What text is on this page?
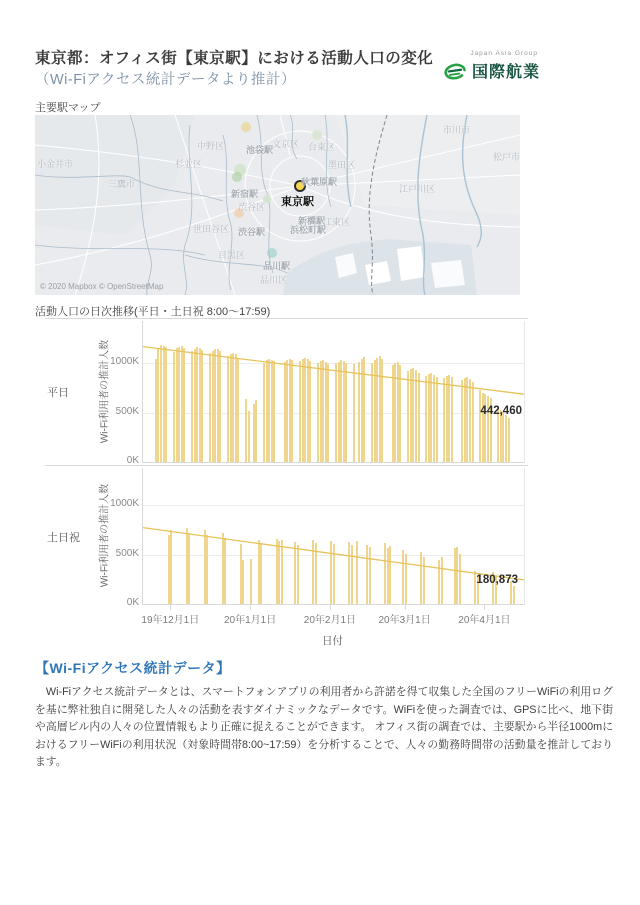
東京都：オフィス街【東京駅】における活動人口の変化
（Wi-Fiアクセス統計データより推計）
Japan Asia Group
国際航業
主要駅マップ
東京駅
© 2020 Mapbox © OpenStreetMap
小金井市
三鷹市
杉並区
中野区	文京区 台東区
墨田区
市川市
松戸市
江戸川区
江東区
渋谷区
世田谷区
目黒区
品川区
池袋駅
秋葉原駅
新宿駅
新橋駅
浜松町駅
渋谷駅
品川駅
活動人口の日次推移(平日・土日祝 8:00～17:59)
平日
土日祝
Wi-Fi利用者の推計人数
Wi-Fi利用者の推計人数
1000K
500K
0K
442,460
1000K
500K
0K
180,873
日付
19年12月1日	20年1月1日	20年2月1日	20年3月1日	20年4月1日
【Wi-Fiアクセス統計データ】
　Wi-Fiアクセス統計データとは、スマートフォンアプリの利用者から許諾を得て収集した全国のフリーWiFiの利用ログを基に弊社独自に開発した人々の活動を表すダイナミックなデータです。WiFiを使った調査では、GPSに比べ、地下街や高層ビル内の人々の位置情報もより正確に捉えることができます。 オフィス街の調査では、主要駅から半径1000mにおけるフリーWiFiの利用状況（対象時間帯8:00~17:59）を分析することで、人々の勤務時間帯の活動量を推計しております。
